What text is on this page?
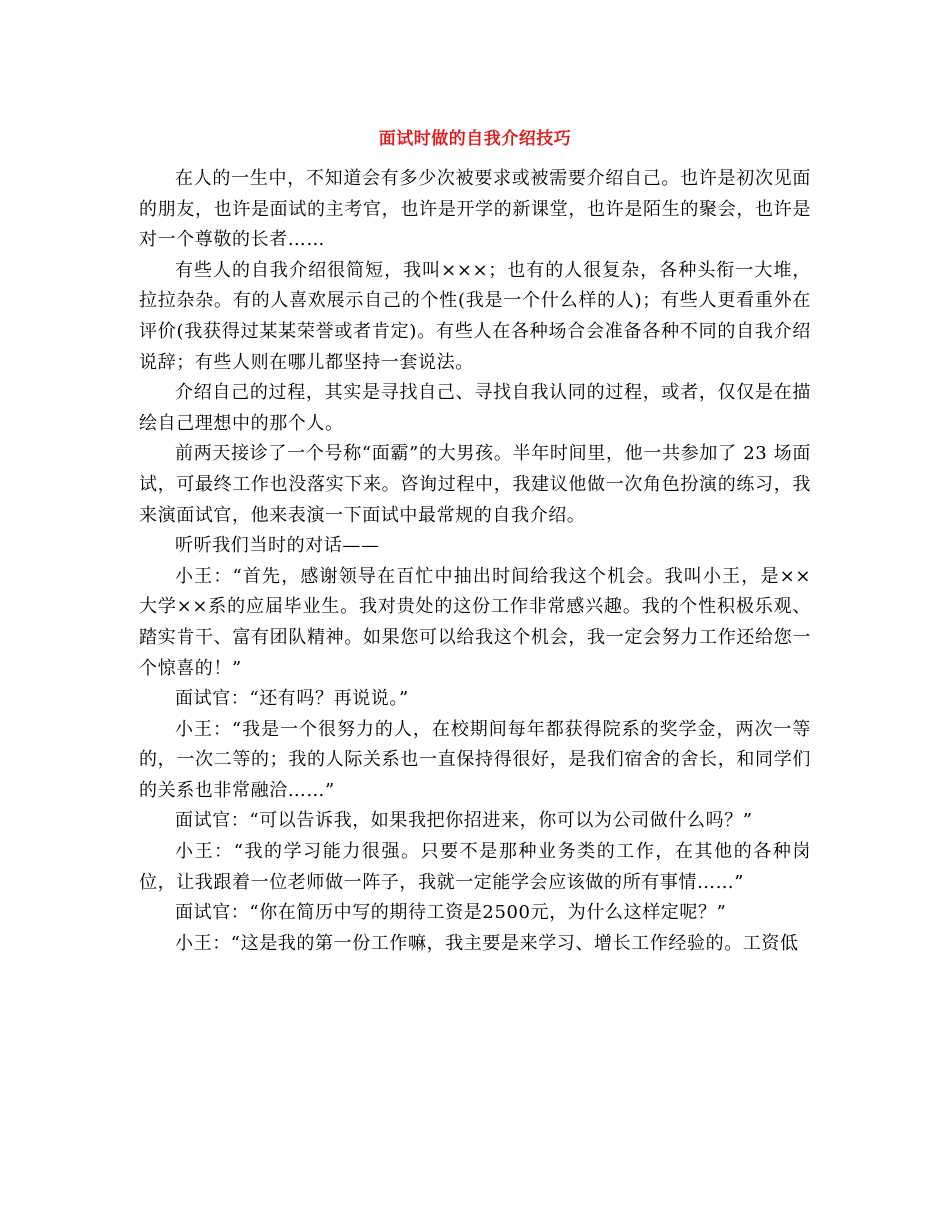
面试时做的自我介绍技巧

在人的一生中，不知道会有多少次被要求或被需要介绍自己。也许是初次见面的朋友，也许是面试的主考官，也许是开学的新课堂，也许是陌生的聚会，也许是对一个尊敬的长者……

有些人的自我介绍很简短，我叫×××；也有的人很复杂，各种头衔一大堆，拉拉杂杂。有的人喜欢展示自己的个性(我是一个什么样的人)；有些人更看重外在评价(我获得过某某荣誉或者肯定)。有些人在各种场合会准备各种不同的自我介绍说辞；有些人则在哪儿都坚持一套说法。

介绍自己的过程，其实是寻找自己、寻找自我认同的过程，或者，仅仅是在描绘自己理想中的那个人。

前两天接诊了一个号称“面霸”的大男孩。半年时间里，他一共参加了 23 场面试，可最终工作也没落实下来。咨询过程中，我建议他做一次角色扮演的练习，我来演面试官，他来表演一下面试中最常规的自我介绍。

听听我们当时的对话——

小王：“首先，感谢领导在百忙中抽出时间给我这个机会。我叫小王，是××大学××系的应届毕业生。我对贵处的这份工作非常感兴趣。我的个性积极乐观、踏实肯干、富有团队精神。如果您可以给我这个机会，我一定会努力工作还给您一个惊喜的！”

面试官：“还有吗？再说说。”

小王：“我是一个很努力的人，在校期间每年都获得院系的奖学金，两次一等的，一次二等的；我的人际关系也一直保持得很好，是我们宿舍的舍长，和同学们的关系也非常融洽……”

面试官：“可以告诉我，如果我把你招进来，你可以为公司做什么吗？”

小王：“我的学习能力很强。只要不是那种业务类的工作，在其他的各种岗位，让我跟着一位老师做一阵子，我就一定能学会应该做的所有事情……”

面试官：“你在简历中写的期待工资是2500元，为什么这样定呢？”

小王：“这是我的第一份工作嘛，我主要是来学习、增长工作经验的。工资低
